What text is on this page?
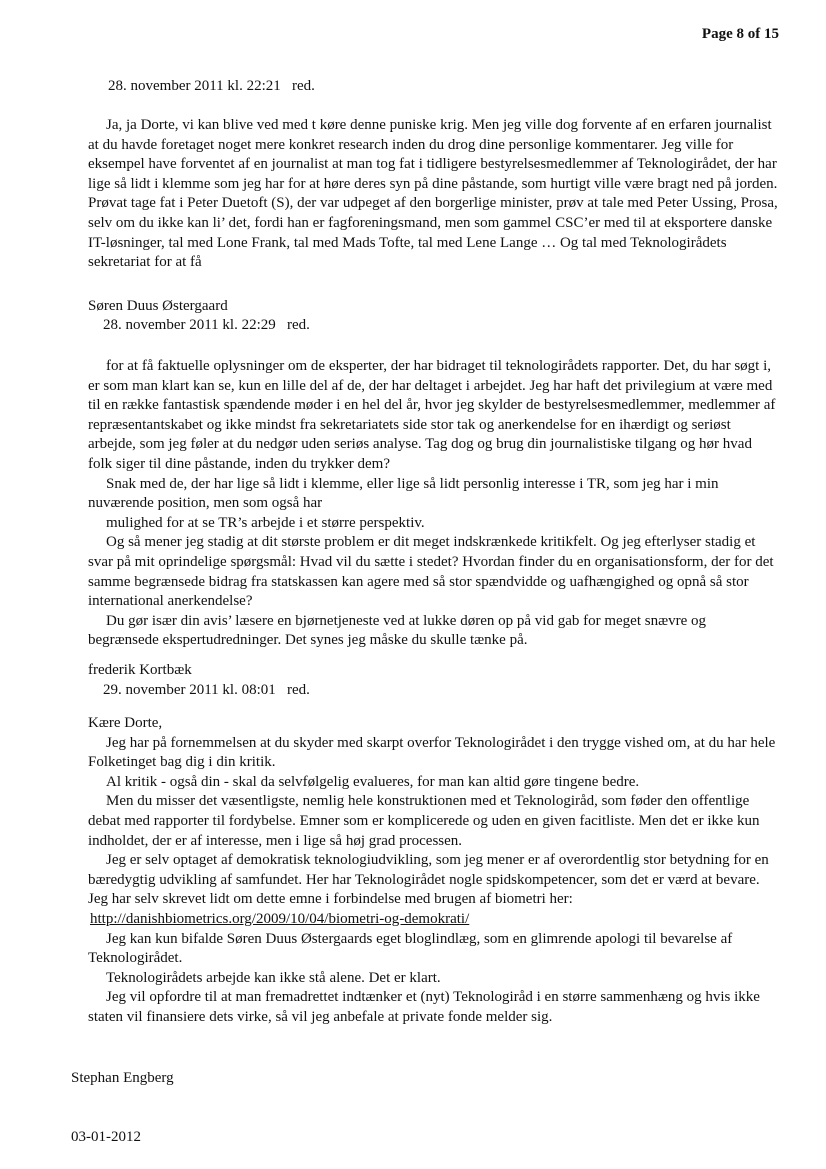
Page 8 of 15
28. november 2011 kl. 22:21 red.

Ja, ja Dorte, vi kan blive ved med t køre denne puniske krig. Men jeg ville dog forvente af en erfaren journalist at du havde foretaget noget mere konkret research inden du drog dine personlige kommentarer. Jeg ville for eksempel have forventet af en journalist at man tog fat i tidligere bestyrelsesmedlemmer af Teknologirådet, der har lige så lidt i klemme som jeg har for at høre deres syn på dine påstande, som hurtigt ville være bragt ned på jorden. Prøvat tage fat i Peter Duetoft (S), der var udpeget af den borgerlige minister, prøv at tale med Peter Ussing, Prosa, selv om du ikke kan li’ det, fordi han er fagforeningsmand, men som gammel CSC’er med til at eksportere danske IT-løsninger, tal med Lone Frank, tal med Mads Tofte, tal med Lene Lange … Og tal med Teknologirådets sekretariat for at få

Søren Duus Østergaard
28. november 2011 kl. 22:29 red.

for at få faktuelle oplysninger om de eksperter, der har bidraget til teknologirådets rapporter. Det, du har søgt i, er som man klart kan se, kun en lille del af de, der har deltaget i arbejdet. Jeg har haft det privilegium at være med til en række fantastisk spændende møder i en hel del år, hvor jeg skylder de bestyrelsesmedlemmer, medlemmer af repræsentantskabet og ikke mindst fra sekretariatets side stor tak og anerkendelse for en ihærdigt og seriøst arbejde, som jeg føler at du nedgør uden seriøs analyse. Tag dog og brug din journalistiske tilgang og hør hvad folk siger til dine påstande, inden du trykker dem?

Snak med de, der har lige så lidt i klemme, eller lige så lidt personlig interesse i TR, som jeg har i min nuværende position, men som også har

mulighed for at se TR’s arbejde i et større perspektiv.

Og så mener jeg stadig at dit største problem er dit meget indskrænkede kritikfelt. Og jeg efterlyser stadig et svar på mit oprindelige spørgsmål: Hvad vil du sætte i stedet? Hvordan finder du en organisationsform, der for det samme begrænsede bidrag fra statskassen kan agere med så stor spændvidde og uafhængighed og opnå så stor international anerkendelse?

Du gør især din avis’ læsere en bjørnetjeneste ved at lukke døren op på vid gab for meget snævre og begrænsede ekspertudredninger. Det synes jeg måske du skulle tænke på.

frederik Kortbæk
29. november 2011 kl. 08:01 red.

Kære Dorte,

Jeg har på fornemmelsen at du skyder med skarpt overfor Teknologirådet i den trygge vished om, at du har hele Folketinget bag dig i din kritik.

Al kritik - også din - skal da selvfølgelig evalueres, for man kan altid gøre tingene bedre.

Men du misser det væsentligste, nemlig hele konstruktionen med et Teknologiråd, som føder den offentlige debat med rapporter til fordybelse. Emner som er komplicerede og uden en given facitliste. Men det er ikke kun indholdet, der er af interesse, men i lige så høj grad processen.

Jeg er selv optaget af demokratisk teknologiudvikling, som jeg mener er af overordentlig stor betydning for en bæredygtig udvikling af samfundet. Her har Teknologirådet nogle spidskompetencer, som det er værd at bevare. Jeg har selv skrevet lidt om dette emne i forbindelse med brugen af biometri her:

http://danishbiometrics.org/2009/10/04/biometri-og-demokrati/

Jeg kan kun bifalde Søren Duus Østergaards eget bloglindlæg, som en glimrende apologi til bevarelse af Teknologirådet.

Teknologirådets arbejde kan ikke stå alene. Det er klart.

Jeg vil opfordre til at man fremadrettet indtænker et (nyt) Teknologiråd i en større sammenhæng og hvis ikke staten vil finansiere dets virke, så vil jeg anbefale at private fonde melder sig.

Stephan Engberg
03-01-2012
